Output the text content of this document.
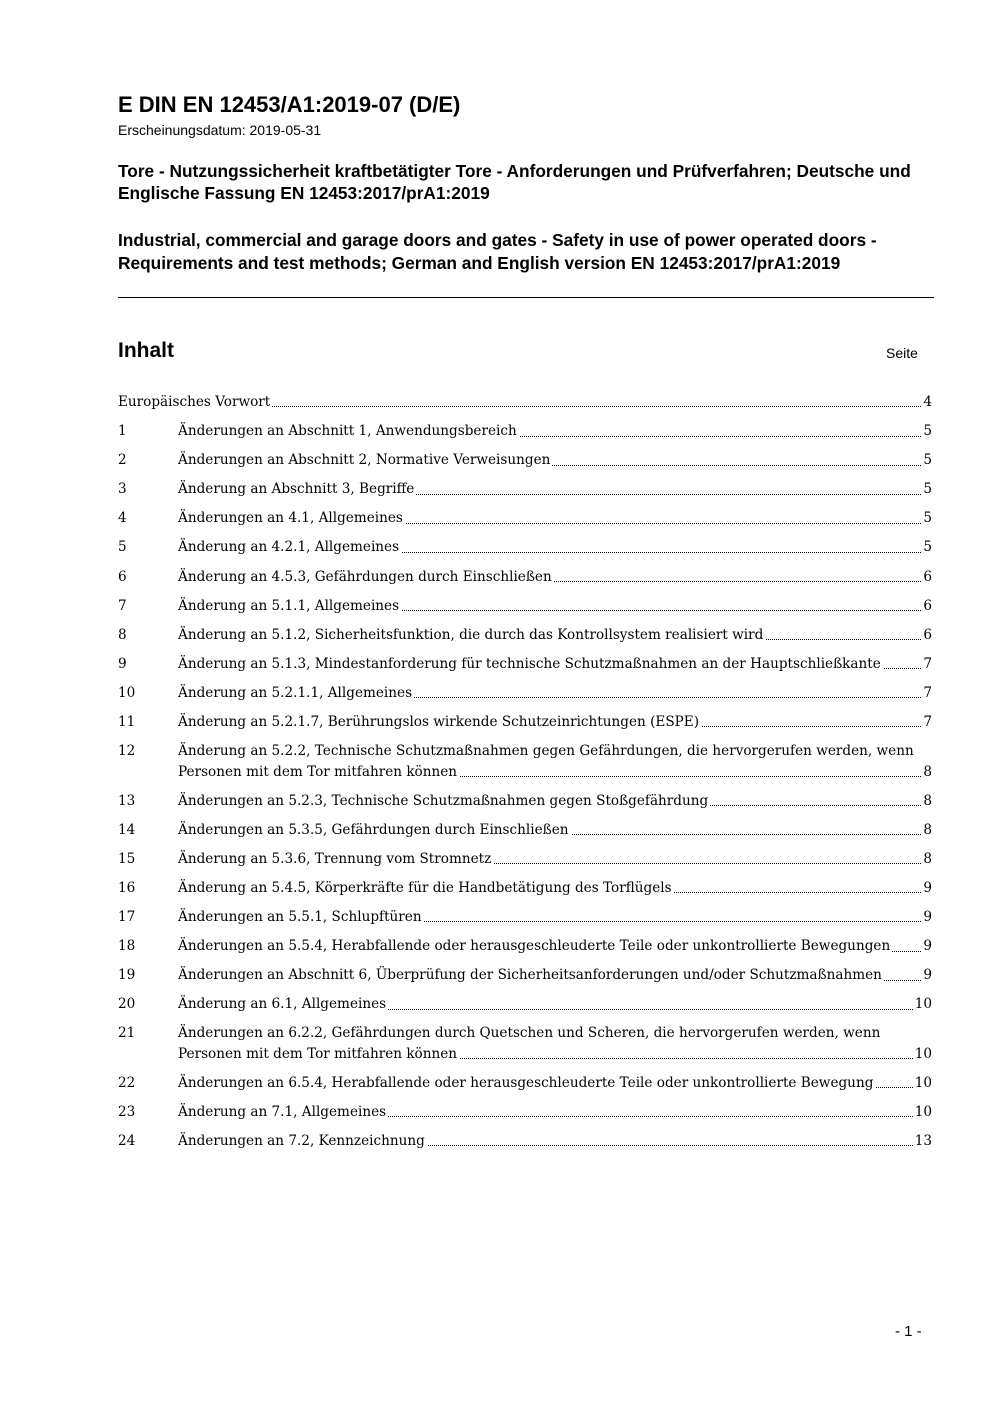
E DIN EN 12453/A1:2019-07 (D/E)

Erscheinungsdatum: 2019-05-31

Tore - Nutzungssicherheit kraftbetätigter Tore - Anforderungen und Prüfverfahren; Deutsche und Englische Fassung EN 12453:2017/prA1:2019

Industrial, commercial and garage doors and gates - Safety in use of power operated doors - Requirements and test methods; German and English version EN 12453:2017/prA1:2019

Inhalt	Seite
Europäisches Vorwort	4
1	Änderungen an Abschnitt 1, Anwendungsbereich	5
2	Änderungen an Abschnitt 2, Normative Verweisungen	5
3	Änderung an Abschnitt 3, Begriffe	5
4	Änderungen an 4.1, Allgemeines	5
5	Änderung an 4.2.1, Allgemeines	5
6	Änderung an 4.5.3, Gefährdungen durch Einschließen	6
7	Änderung an 5.1.1, Allgemeines	6
8	Änderung an 5.1.2, Sicherheitsfunktion, die durch das Kontrollsystem realisiert wird	6
9	Änderung an 5.1.3, Mindestanforderung für technische Schutzmaßnahmen an der Hauptschließkante	7
10	Änderung an 5.2.1.1, Allgemeines	7
11	Änderung an 5.2.1.7, Berührungslos wirkende Schutzeinrichtungen (ESPE)	7
12	Änderung an 5.2.2, Technische Schutzmaßnahmen gegen Gefährdungen, die hervorgerufen werden, wenn Personen mit dem Tor mitfahren können	8
13	Änderungen an 5.2.3, Technische Schutzmaßnahmen gegen Stoßgefährdung	8
14	Änderungen an 5.3.5, Gefährdungen durch Einschließen	8
15	Änderung an 5.3.6, Trennung vom Stromnetz	8
16	Änderung an 5.4.5, Körperkräfte für die Handbetätigung des Torflügels	9
17	Änderungen an 5.5.1, Schlupftüren	9
18	Änderungen an 5.5.4, Herabfallende oder herausgeschleuderte Teile oder unkontrollierte Bewegungen	9
19	Änderungen an Abschnitt 6, Überprüfung der Sicherheitsanforderungen und/oder Schutzmaßnahmen	9
20	Änderung an 6.1, Allgemeines	10
21	Änderungen an 6.2.2, Gefährdungen durch Quetschen und Scheren, die hervorgerufen werden, wenn Personen mit dem Tor mitfahren können	10
22	Änderungen an 6.5.4, Herabfallende oder herausgeschleuderte Teile oder unkontrollierte Bewegung	10
23	Änderung an 7.1, Allgemeines	10
24	Änderungen an 7.2, Kennzeichnung	13
- 1 -
